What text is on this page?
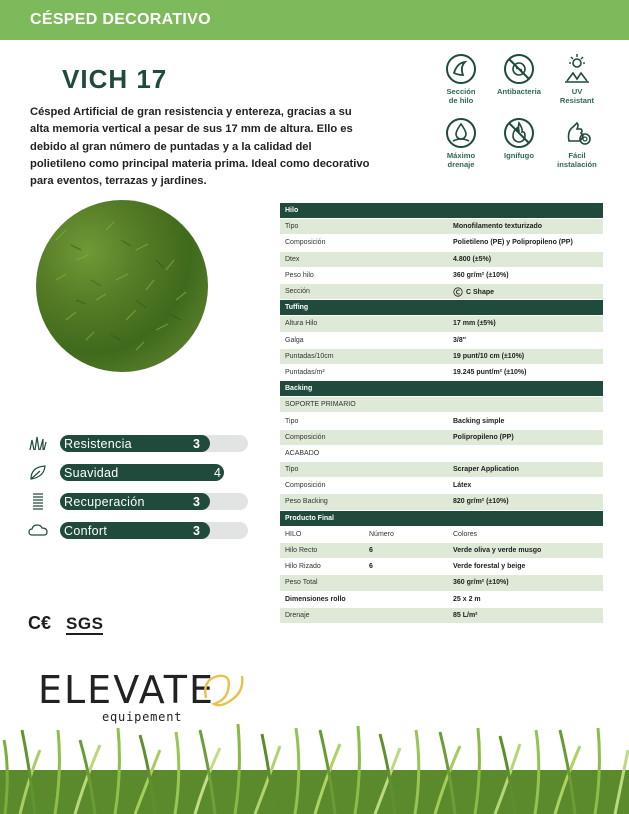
CÉSPED DECORATIVO
VICH 17
Césped Artificial de gran resistencia y entereza, gracias a su alta memoria vertical a pesar de sus 17 mm de altura. Ello es debido al gran número de puntadas y a la calidad del polietileno como principal materia prima. Ideal como decorativo para eventos, terrazas y jardines.
Sección
de hilo
Antibacteria	UV
Resistant
Máximo
drenaje
Ignífugo	Fácil
instalación
Resistencia	3
Suavidad	4
Recuperación	3
Confort	3
C€ SGS
ELEVATE
equipement
Hilo		
Tipo		Monofilamento texturizado
Composición		Polietileno (PE) y Polipropileno (PP)
Dtex		4.800 (±5%)
Peso hilo		360 gr/m² (±10%)
Sección		C Shape
Tuffing		
Altura Hilo		17 mm (±5%)
Galga		3/8"
Puntadas/10cm		19 punt/10 cm (±10%)
Puntadas/m²		19.245 punt/m² (±10%)
Backing		
SOPORTE PRIMARIO		
Tipo		Backing simple
Composición		Polipropileno (PP)
ACABADO		
Tipo		Scraper Application
Composición		Látex
Peso Backing		820 gr/m² (±10%)
Producto Final		
HILO	Número	Colores
Hilo Recto	6	Verde oliva y verde musgo
Hilo Rizado	6	Verde forestal y beige
Peso Total		360 gr/m² (±10%)
Dimensiones rollo		25 x 2 m
Drenaje		85 L/m²
